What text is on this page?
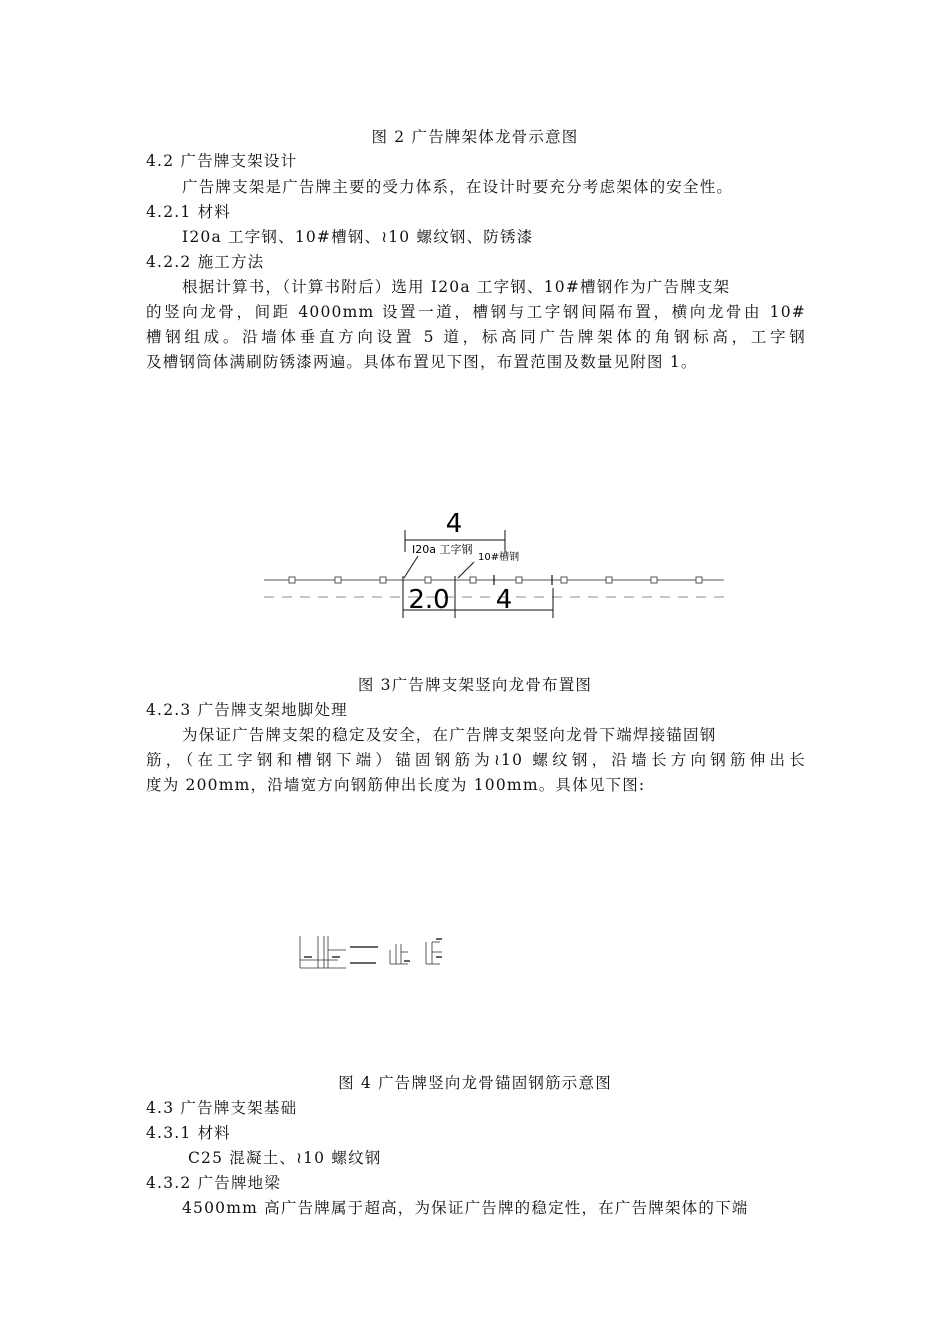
图 2 广告牌架体龙骨示意图
4.2 广告牌支架设计
广告牌支架是广告牌主要的受力体系，在设计时要充分考虑架体的安全性。
4.2.1 材料
I20a 工字钢、10#槽钢、≀10 螺纹钢、防锈漆
4.2.2 施工方法
根据计算书，（计算书附后）选用 I20a 工字钢、10#槽钢作为广告牌支架
的竖向龙骨，间距 4000mm 设置一道，槽钢与工字钢间隔布置，横向龙骨由 10#
槽钢组成。沿墙体垂直方向设置 5 道，标高同广告牌架体的角钢标高，工字钢
及槽钢筒体满刷防锈漆两遍。具体布置见下图，布置范围及数量见附图 1。
4
I20a 工字钢
10#槽钢
2.0 4
图 3广告牌支架竖向龙骨布置图
4.2.3 广告牌支架地脚处理
为保证广告牌支架的稳定及安全，在广告牌支架竖向龙骨下端焊接锚固钢
筋，（在工字钢和槽钢下端）锚固钢筋为≀10 螺纹钢，沿墙长方向钢筋伸出长
度为 200mm，沿墙宽方向钢筋伸出长度为 100mm。具体见下图:
图 4 广告牌竖向龙骨锚固钢筋示意图
4.3 广告牌支架基础
4.3.1 材料
C25 混凝土、≀10 螺纹钢
4.3.2 广告牌地梁
4500mm 高广告牌属于超高，为保证广告牌的稳定性，在广告牌架体的下端
